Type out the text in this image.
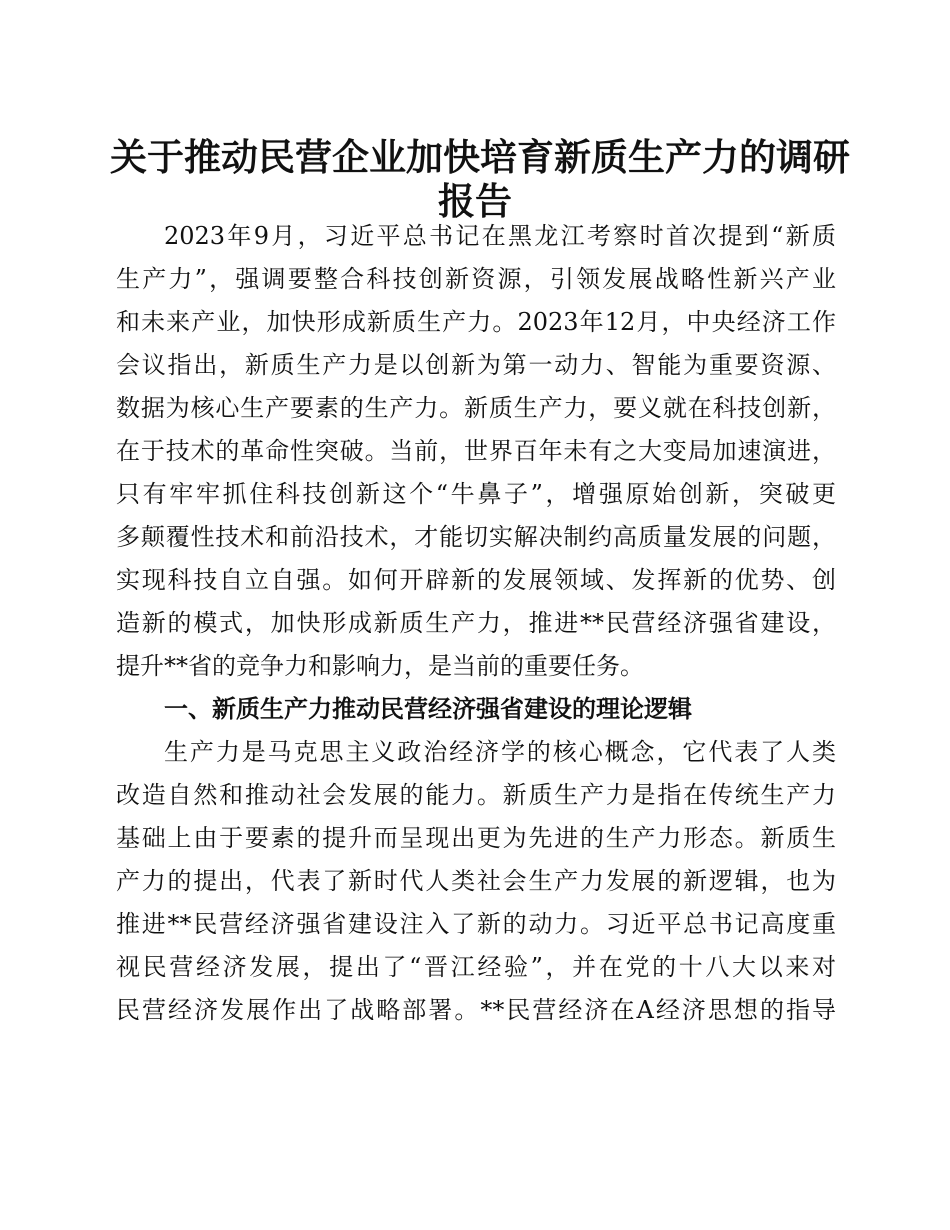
关于推动民营企业加快培育新质生产力的调研
报告
2023年9月，习近平总书记在黑龙江考察时首次提到“新质
生产力”，强调要整合科技创新资源，引领发展战略性新兴产业
和未来产业，加快形成新质生产力。2023年12月，中央经济工作
会议指出，新质生产力是以创新为第一动力、智能为重要资源、
数据为核心生产要素的生产力。新质生产力，要义就在科技创新，
在于技术的革命性突破。当前，世界百年未有之大变局加速演进，
只有牢牢抓住科技创新这个“牛鼻子”，增强原始创新，突破更
多颠覆性技术和前沿技术，才能切实解决制约高质量发展的问题，
实现科技自立自强。如何开辟新的发展领域、发挥新的优势、创
造新的模式，加快形成新质生产力，推进**民营经济强省建设，
提升**省的竞争力和影响力，是当前的重要任务。
一、新质生产力推动民营经济强省建设的理论逻辑
生产力是马克思主义政治经济学的核心概念，它代表了人类
改造自然和推动社会发展的能力。新质生产力是指在传统生产力
基础上由于要素的提升而呈现出更为先进的生产力形态。新质生
产力的提出，代表了新时代人类社会生产力发展的新逻辑，也为
推进**民营经济强省建设注入了新的动力。习近平总书记高度重
视民营经济发展，提出了“晋江经验”，并在党的十八大以来对
民营经济发展作出了战略部署。**民营经济在A经济思想的指导
